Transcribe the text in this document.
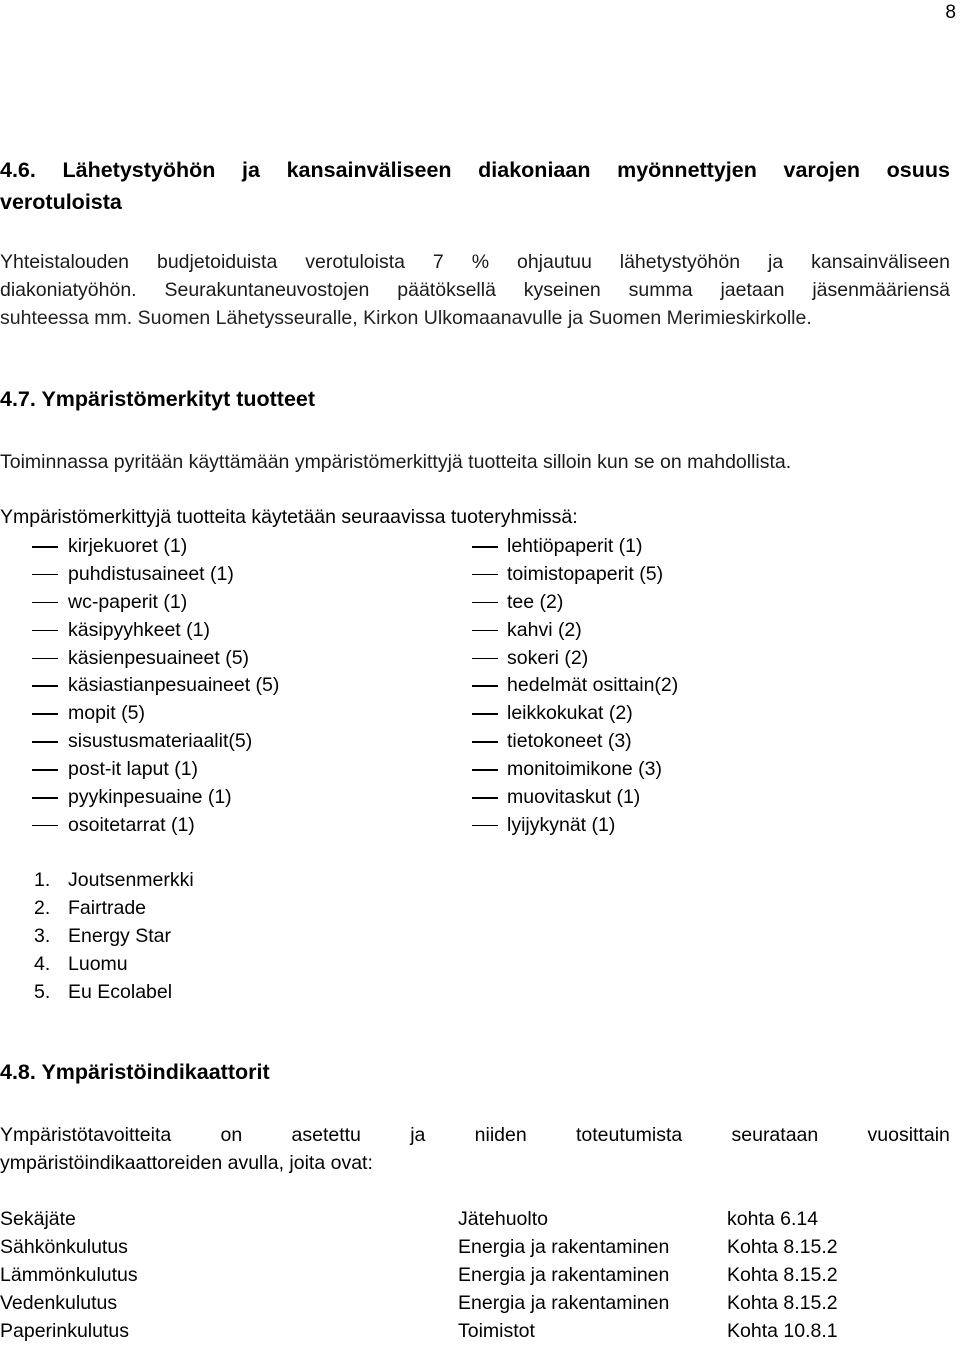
8
4.6. Lähetystyöhön ja kansainväliseen diakoniaan myönnettyjen varojen osuus
verotuloista
Yhteistalouden budjetoiduista verotuloista 7 % ohjautuu lähetystyöhön ja kansainväliseen
diakoniatyöhön. Seurakuntaneuvostojen päätöksellä kyseinen summa jaetaan jäsenmääriensä
suhteessa mm. Suomen Lähetysseuralle, Kirkon Ulkomaanavulle ja Suomen Merimieskirkolle.
4.7. Ympäristömerkityt tuotteet
Toiminnassa pyritään käyttämään ympäristömerkittyjä tuotteita silloin kun se on mahdollista.
Ympäristömerkittyjä tuotteita käytetään seuraavissa tuoteryhmissä:
kirjekuoret (1)	lehtiöpaperit (1)
puhdistusaineet (1)	toimistopaperit (5)
wc-paperit (1)	tee (2)
käsipyyhkeet (1)	kahvi (2)
käsienpesuaineet (5)	sokeri (2)
käsiastianpesuaineet (5)	hedelmät osittain(2)
mopit (5)	leikkokukat (2)
sisustusmateriaalit(5)	tietokoneet (3)
post-it laput (1)	monitoimikone (3)
pyykinpesuaine (1)	muovitaskut (1)
osoitetarrat (1)	lyijykynät (1)
1. Joutsenmerkki
2. Fairtrade
3. Energy Star
4. Luomu
5. Eu Ecolabel
4.8. Ympäristöindikaattorit
Ympäristötavoitteita	on	asetettu	ja	niiden	toteutumista	seurataan	vuosittain
ympäristöindikaattoreiden avulla, joita ovat:
Sekäjäte	Jätehuolto	kohta 6.14
Sähkönkulutus	Energia ja rakentaminen	Kohta 8.15.2
Lämmönkulutus	Energia ja rakentaminen	Kohta 8.15.2
Vedenkulutus	Energia ja rakentaminen	Kohta 8.15.2
Paperinkulutus	Toimistot	Kohta 10.8.1
